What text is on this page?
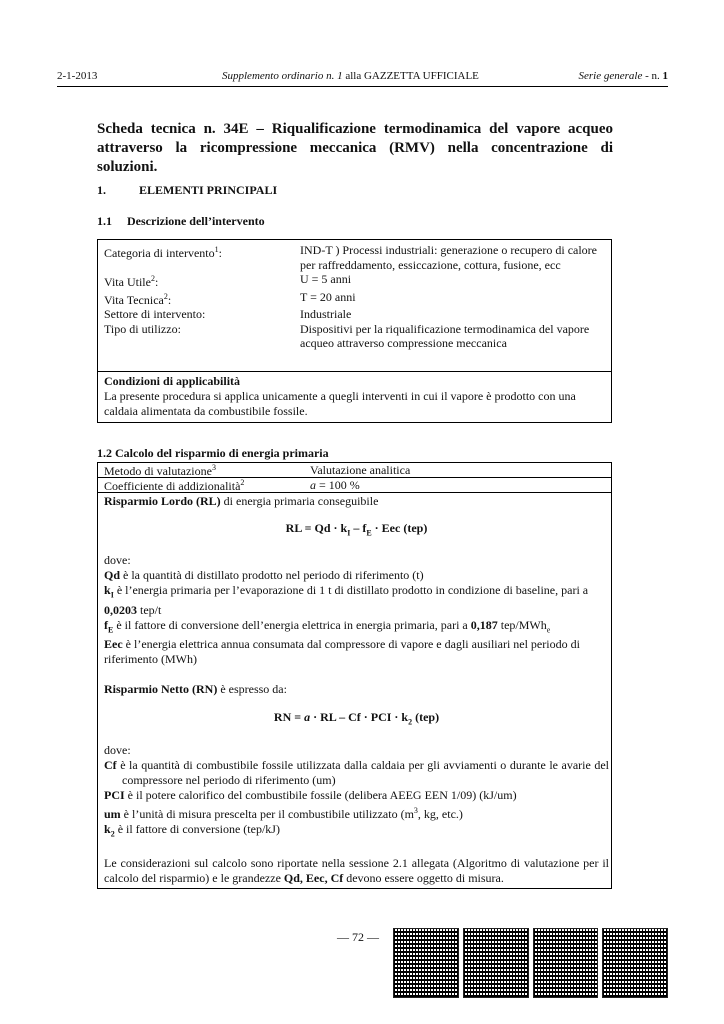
2-1-2013	Supplemento ordinario n. 1 alla GAZZETTA UFFICIALE	Serie generale - n. 1
Scheda tecnica n. 34E – Riqualificazione termodinamica del vapore acqueo attraverso la ricompressione meccanica (RMV) nella concentrazione di soluzioni.
1.	ELEMENTI PRINCIPALI
1.1 Descrizione dell’intervento
Categoria di intervento$^1$:	IND-T ) Processi industriali: generazione o recupero di calore per raffreddamento, essiccazione, cottura, fusione, ecc
Vita Utile$^2$:	U = 5 anni
Vita Tecnica$^2$:	T = 20 anni
Settore di intervento:	Industriale
Tipo di utilizzo:	Dispositivi per la riqualificazione termodinamica del vapore acqueo attraverso compressione meccanica
Condizioni di applicabilità
La presente procedura si applica unicamente a quegli interventi in cui il vapore è prodotto con una caldaia alimentata da combustibile fossile.
1.2 Calcolo del risparmio di energia primaria
Metodo di valutazione$^3$	Valutazione analitica
Coefficiente di addizionalità$^2$	a = 100 %
Risparmio Lordo (RL) di energia primaria conseguibile
RL = $Qd \cdot k_I - f_E$ · Eec (tep)
dove:
Qd è la quantità di distillato prodotto nel periodo di riferimento (t)
$k_I$ è l’energia primaria per l’evaporazione di 1 t di distillato prodotto in condizione di baseline, pari a 0,0203 tep/t
$f_E$ è il fattore di conversione dell’energia elettrica in energia primaria, pari a 0,187 tep/MWh$_e$
Eec è l’energia elettrica annua consumata dal compressore di vapore e dagli ausiliari nel periodo di riferimento (MWh)
Risparmio Netto (RN) è espresso da:
RN = a · RL – Cf · PCI · $k_2$ (tep)
dove:
Cf è la quantità di combustibile fossile utilizzata dalla caldaia per gli avviamenti o durante le avarie del compressore nel periodo di riferimento (um)
PCI è il potere calorifico del combustibile fossile (delibera AEEG EEN 1/09) (kJ/um)
um è l’unità di misura prescelta per il combustibile utilizzato ($m^3$, kg, etc.)
$k_2$ è il fattore di conversione (tep/kJ)
Le considerazioni sul calcolo sono riportate nella sessione 2.1 allegata (Algoritmo di valutazione per il calcolo del risparmio) e le grandezze Qd, Eec, Cf devono essere oggetto di misura.
— 72 —
